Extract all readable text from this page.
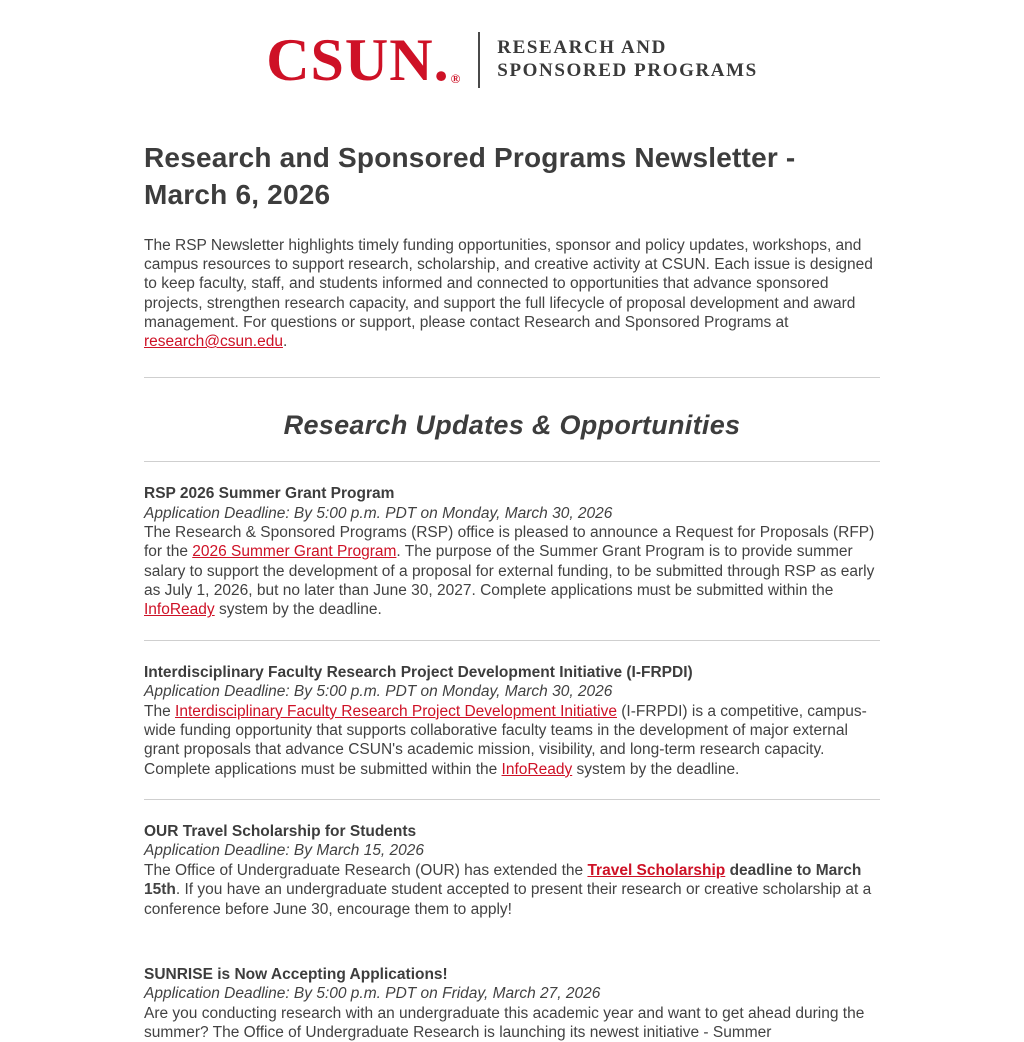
CSUN. ®
RESEARCH AND
SPONSORED PROGRAMS
Research and Sponsored Programs Newsletter - March 6, 2026

The RSP Newsletter highlights timely funding opportunities, sponsor and policy updates, workshops, and campus resources to support research, scholarship, and creative activity at CSUN. Each issue is designed to keep faculty, staff, and students informed and connected to opportunities that advance sponsored projects, strengthen research capacity, and support the full lifecycle of proposal development and award management. For questions or support, please contact Research and Sponsored Programs at research@csun.edu.

Research Updates & Opportunities
RSP 2026 Summer Grant Program

Application Deadline: By 5:00 p.m. PDT on Monday, March 30, 2026

The Research & Sponsored Programs (RSP) office is pleased to announce a Request for Proposals (RFP) for the 2026 Summer Grant Program. The purpose of the Summer Grant Program is to provide summer salary to support the development of a proposal for external funding, to be submitted through RSP as early as July 1, 2026, but no later than June 30, 2027. Complete applications must be submitted within the InfoReady system by the deadline.

Interdisciplinary Faculty Research Project Development Initiative (I-FRPDI)

Application Deadline: By 5:00 p.m. PDT on Monday, March 30, 2026

The Interdisciplinary Faculty Research Project Development Initiative (I-FRPDI) is a competitive, campus-wide funding opportunity that supports collaborative faculty teams in the development of major external grant proposals that advance CSUN's academic mission, visibility, and long-term research capacity. Complete applications must be submitted within the InfoReady system by the deadline.

OUR Travel Scholarship for Students

Application Deadline: By March 15, 2026

The Office of Undergraduate Research (OUR) has extended the Travel Scholarship deadline to March 15th. If you have an undergraduate student accepted to present their research or creative scholarship at a conference before June 30, encourage them to apply!

SUNRISE is Now Accepting Applications!

Application Deadline: By 5:00 p.m. PDT on Friday, March 27, 2026

Are you conducting research with an undergraduate this academic year and want to get ahead during the summer? The Office of Undergraduate Research is launching its newest initiative - Summer
